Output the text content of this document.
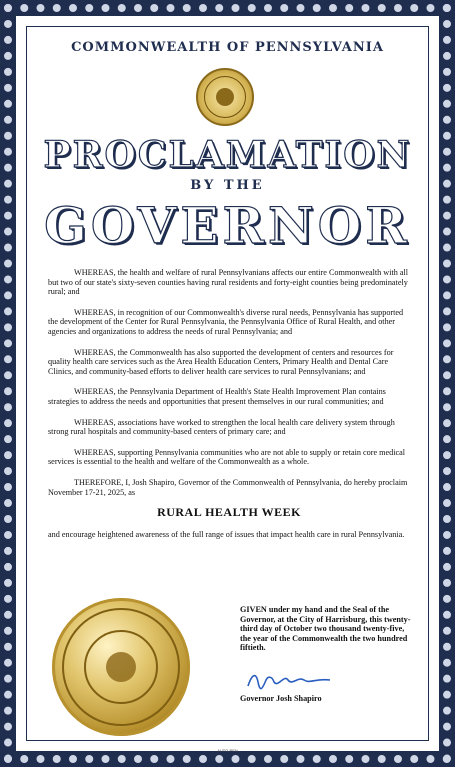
COMMONWEALTH OF PENNSYLVANIA
PROCLAMATION
BY THE
GOVERNOR

WHEREAS, the health and welfare of rural Pennsylvanians affects our entire Commonwealth with all but two of our state's sixty-seven counties having rural residents and forty-eight counties being predominately rural; and

WHEREAS, in recognition of our Commonwealth's diverse rural needs, Pennsylvania has supported the development of the Center for Rural Pennsylvania, the Pennsylvania Office of Rural Health, and other agencies and organizations to address the needs of rural Pennsylvania; and

WHEREAS, the Commonwealth has also supported the development of centers and resources for quality health care services such as the Area Health Education Centers, Primary Health and Dental Care Clinics, and community-based efforts to deliver health care services to rural Pennsylvanians; and

WHEREAS, the Pennsylvania Department of Health's State Health Improvement Plan contains strategies to address the needs and opportunities that present themselves in our rural communities; and

WHEREAS, associations have worked to strengthen the local health care delivery system through strong rural hospitals and community-based centers of primary care; and

WHEREAS, supporting Pennsylvania communities who are not able to supply or retain core medical services is essential to the health and welfare of the Commonwealth as a whole.

THEREFORE, I, Josh Shapiro, Governor of the Commonwealth of Pennsylvania, do hereby proclaim November 17-21, 2025, as

RURAL HEALTH WEEK

and encourage heightened awareness of the full range of issues that impact health care in rural Pennsylvania.

GIVEN under my hand and the Seal of the Governor, at the City of Harrisburg, this twenty-third day of October two thousand twenty-five, the year of the Commonwealth the two hundred fiftieth.
Governor Josh Shapiro
AUTO-PEN
